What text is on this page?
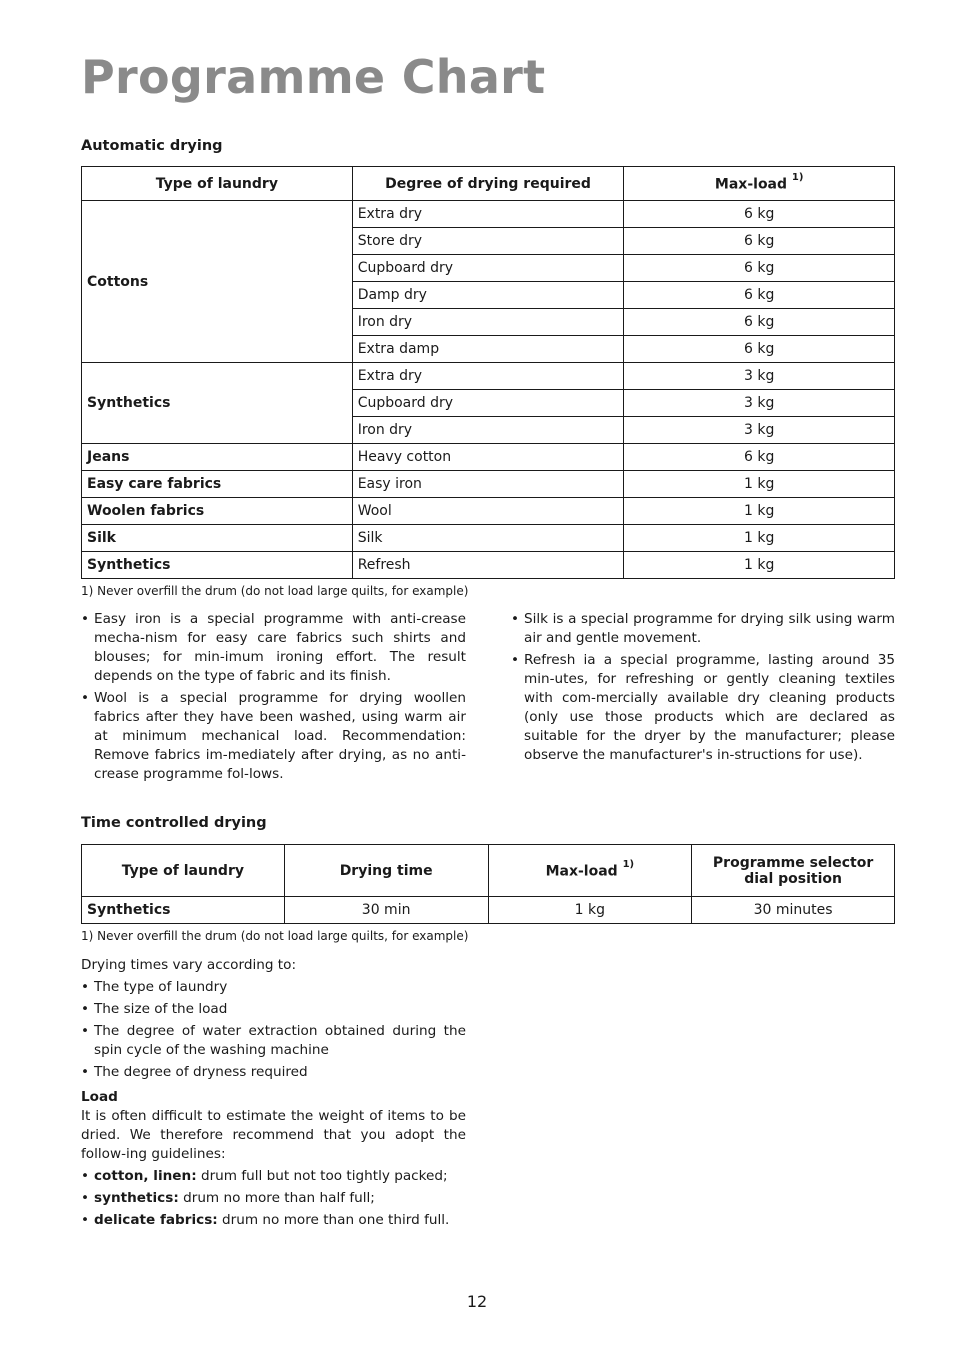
Programme Chart
Automatic drying
Type of laundry	Degree of drying required	Max-load $^{1)}$
Cottons	Extra dry	6 kg
	Store dry	6 kg
	Cupboard dry	6 kg
	Damp dry	6 kg
	Iron dry	6 kg
	Extra damp	6 kg
Synthetics	Extra dry	3 kg
	Cupboard dry	3 kg
	Iron dry	3 kg
Jeans	Heavy cotton	6 kg
Easy care fabrics	Easy iron	1 kg
Woolen fabrics	Wool	1 kg
Silk	Silk	1 kg
Synthetics	Refresh	1 kg

1) Never overfill the drum (do not load large quilts, for example)

• Easy iron is a special programme with anti-crease mecha-nism for easy care fabrics such shirts and blouses; for min-imum ironing effort. The result depends on the type of fabric and its finish.
• Wool is a special programme for drying woollen fabrics after they have been washed, using warm air at minimum mechanical load. Recommendation: Remove fabrics im-mediately after drying, as no anti-crease programme fol-lows.
• Silk is a special programme for drying silk using warm air and gentle movement.
• Refresh ia a special programme, lasting around 35 min-utes, for refreshing or gently cleaning textiles with com-mercially available dry cleaning products (only use those products which are declared as suitable for the dryer by the manufacturer; please observe the manufacturer's in-structions for use).
Time controlled drying
Type of laundry	Drying time	Max-load $^{1)}$	Programme selector dial position
Synthetics	30 min	1 kg	30 minutes

1) Never overfill the drum (do not load large quilts, for example)

Drying times vary according to:

• The type of laundry
• The size of the load
• The degree of water extraction obtained during the spin cycle of the washing machine
• The degree of dryness required

Load

It is often difficult to estimate the weight of items to be dried. We therefore recommend that you adopt the follow-ing guidelines:

• cotton, linen: drum full but not too tightly packed;
• synthetics: drum no more than half full;
• delicate fabrics: drum no more than one third full.
12
